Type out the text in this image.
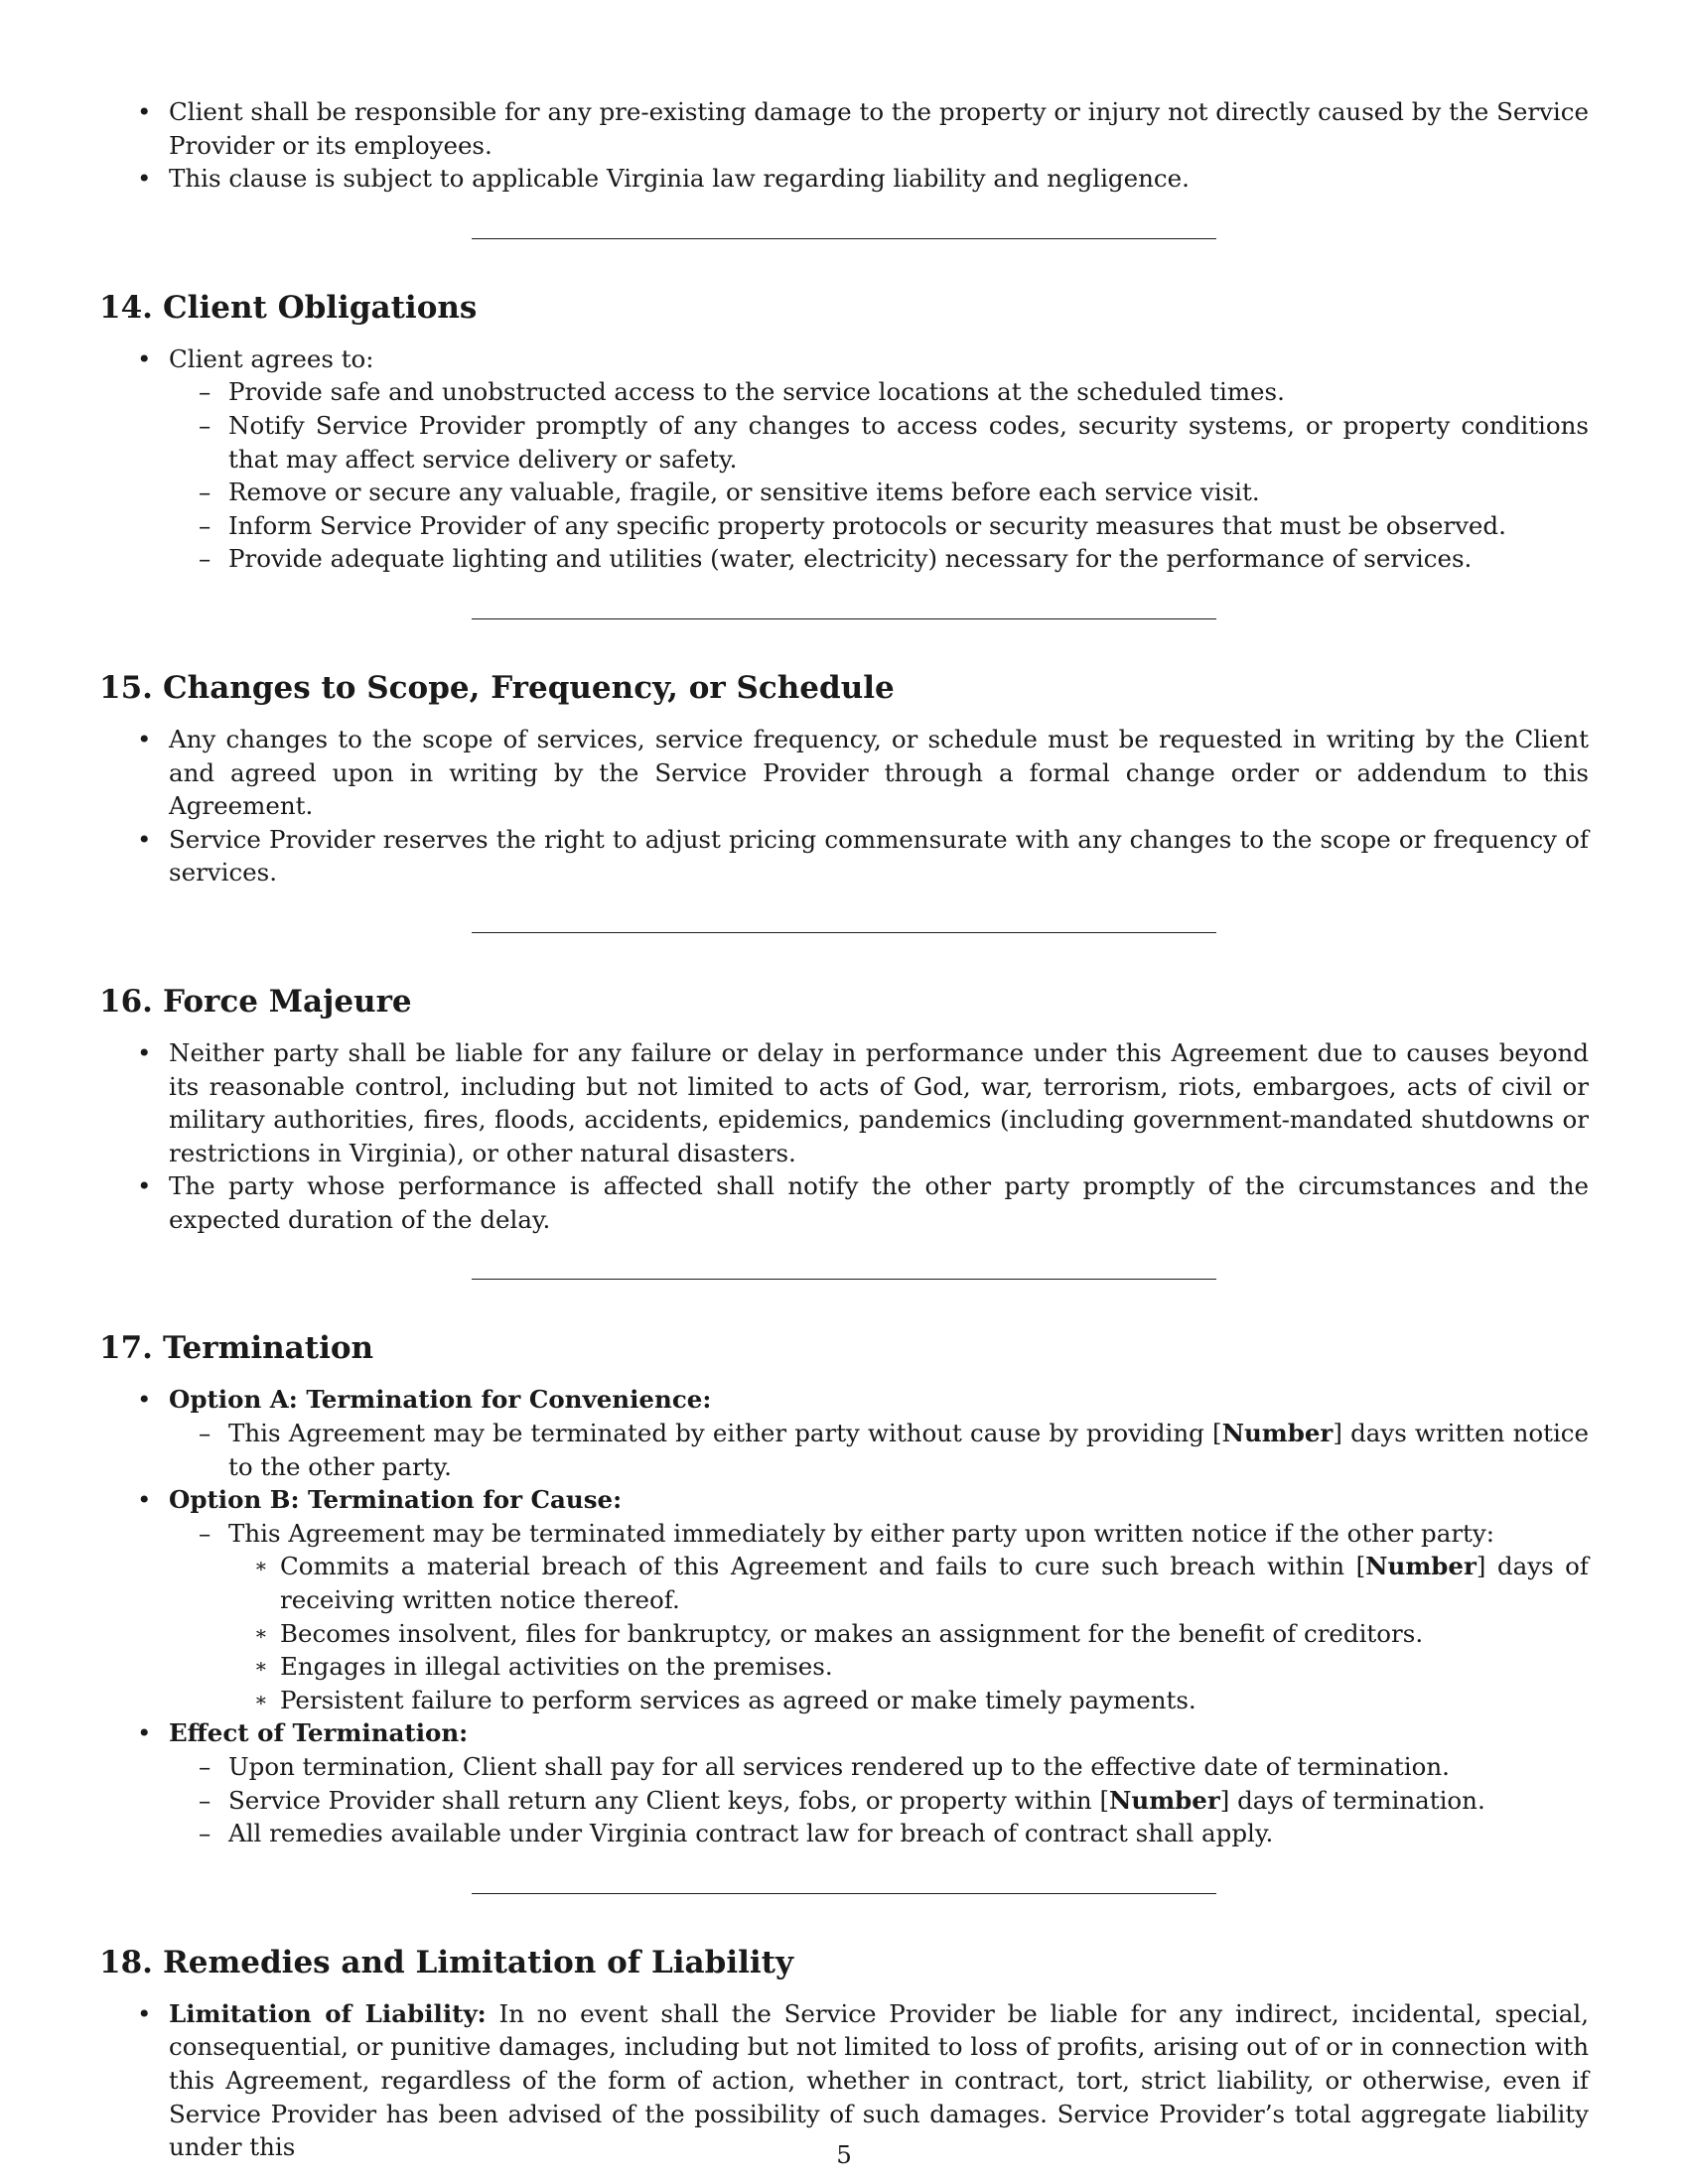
• Client shall be responsible for any pre-existing damage to the property or injury not directly caused by the Service Provider or its employees.
• This clause is subject to applicable Virginia law regarding liability and negligence.
14. Client Obligations
• Client agrees to:
– Provide safe and unobstructed access to the service locations at the scheduled times.
– Notify Service Provider promptly of any changes to access codes, security systems, or property conditions that may affect service delivery or safety.
– Remove or secure any valuable, fragile, or sensitive items before each service visit.
– Inform Service Provider of any specific property protocols or security measures that must be observed.
– Provide adequate lighting and utilities (water, electricity) necessary for the performance of services.
15. Changes to Scope, Frequency, or Schedule
• Any changes to the scope of services, service frequency, or schedule must be requested in writing by the Client and agreed upon in writing by the Service Provider through a formal change order or addendum to this Agreement.
• Service Provider reserves the right to adjust pricing commensurate with any changes to the scope or frequency of services.
16. Force Majeure
• Neither party shall be liable for any failure or delay in performance under this Agreement due to causes beyond its reasonable control, including but not limited to acts of God, war, terrorism, riots, embargoes, acts of civil or military authorities, fires, floods, accidents, epidemics, pandemics (including government-mandated shutdowns or restrictions in Virginia), or other natural disasters.
• The party whose performance is affected shall notify the other party promptly of the circumstances and the expected duration of the delay.
17. Termination
• Option A: Termination for Convenience:
– This Agreement may be terminated by either party without cause by providing [Number] days written notice to the other party.
• Option B: Termination for Cause:
– This Agreement may be terminated immediately by either party upon written notice if the other party:
∗ Commits a material breach of this Agreement and fails to cure such breach within [Number] days of receiving written notice thereof.
∗ Becomes insolvent, files for bankruptcy, or makes an assignment for the benefit of creditors.
∗ Engages in illegal activities on the premises.
∗ Persistent failure to perform services as agreed or make timely payments.
• Effect of Termination:
– Upon termination, Client shall pay for all services rendered up to the effective date of termination.
– Service Provider shall return any Client keys, fobs, or property within [Number] days of termination.
– All remedies available under Virginia contract law for breach of contract shall apply.
18. Remedies and Limitation of Liability
• Limitation of Liability: In no event shall the Service Provider be liable for any indirect, incidental, special, consequential, or punitive damages, including but not limited to loss of profits, arising out of or in connection with this Agreement, regardless of the form of action, whether in contract, tort, strict liability, or otherwise, even if Service Provider has been advised of the possibility of such damages. Service Provider’s total aggregate liability under this	5
